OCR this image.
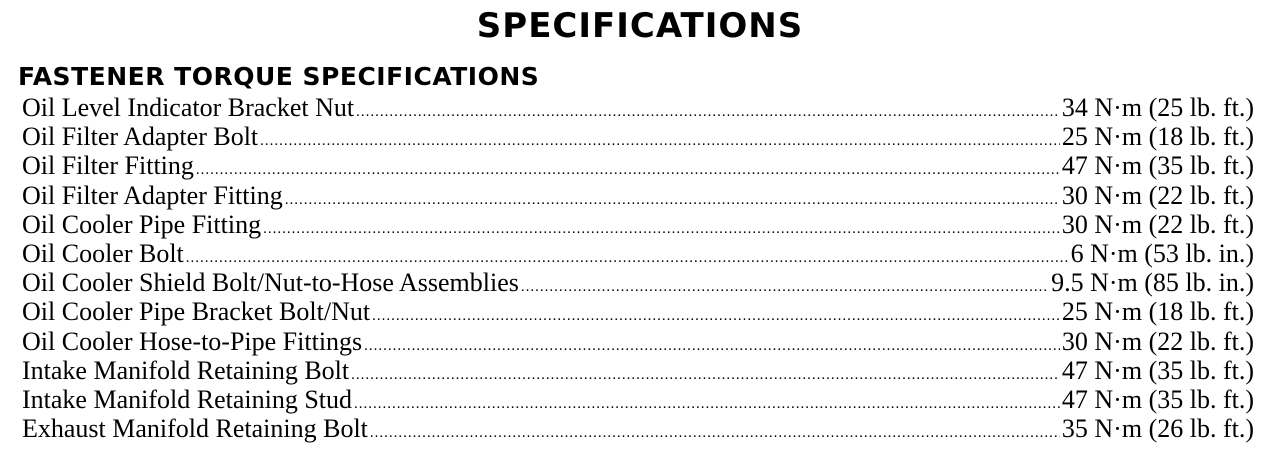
SPECIFICATIONS
FASTENER TORQUE SPECIFICATIONS
Oil Level Indicator Bracket Nut .....	34 N·m (25 lb. ft.)
Oil Filter Adapter Bolt .....	25 N·m (18 lb. ft.)
Oil Filter Fitting .....	47 N·m (35 lb. ft.)
Oil Filter Adapter Fitting .....	30 N·m (22 lb. ft.)
Oil Cooler Pipe Fitting .....	30 N·m (22 lb. ft.)
Oil Cooler Bolt .....	6 N·m (53 lb. in.)
Oil Cooler Shield Bolt/Nut-to-Hose Assemblies .....	9.5 N·m (85 lb. in.)
Oil Cooler Pipe Bracket Bolt/Nut .....	25 N·m (18 lb. ft.)
Oil Cooler Hose-to-Pipe Fittings .....	30 N·m (22 lb. ft.)
Intake Manifold Retaining Bolt .....	47 N·m (35 lb. ft.)
Intake Manifold Retaining Stud .....	47 N·m (35 lb. ft.)
Exhaust Manifold Retaining Bolt .....	35 N·m (26 lb. ft.)
